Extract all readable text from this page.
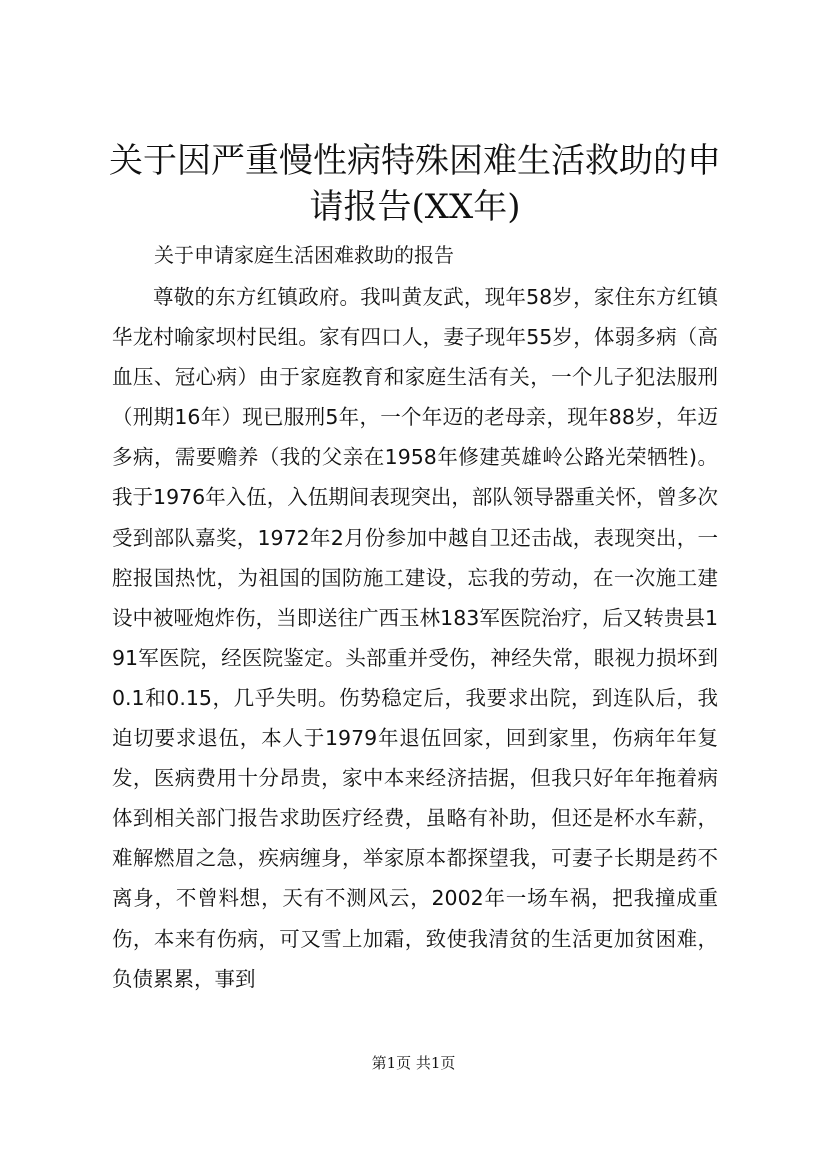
关于因严重慢性病特殊困难生活救助的申请报告(XX年)

关于申请家庭生活困难救助的报告

尊敬的东方红镇政府。我叫黄友武，现年58岁，家住东方红镇华龙村喻家坝村民组。家有四口人，妻子现年55岁，体弱多病（高血压、冠心病）由于家庭教育和家庭生活有关，一个儿子犯法服刑（刑期16年）现已服刑5年，一个年迈的老母亲，现年88岁，年迈多病，需要赡养（我的父亲在1958年修建英雄岭公路光荣牺牲)。我于1976年入伍，入伍期间表现突出，部队领导器重关怀，曾多次受到部队嘉奖，1972年2月份参加中越自卫还击战，表现突出，一腔报国热忱，为祖国的国防施工建设，忘我的劳动，在一次施工建设中被哑炮炸伤，当即送往广西玉林183军医院治疗，后又转贵县191军医院，经医院鉴定。头部重并受伤，神经失常，眼视力损坏到0.1和0.15，几乎失明。伤势稳定后，我要求出院，到连队后，我迫切要求退伍，本人于1979年退伍回家，回到家里，伤病年年复发，医病费用十分昂贵，家中本来经济拮据，但我只好年年拖着病体到相关部门报告求助医疗经费，虽略有补助，但还是杯水车薪，难解燃眉之急，疾病缠身，举家原本都探望我，可妻子长期是药不离身，不曾料想，天有不测风云，2002年一场车祸，把我撞成重伤，本来有伤病，可又雪上加霜，致使我清贫的生活更加贫困难，负债累累，事到

第1页 共1页
